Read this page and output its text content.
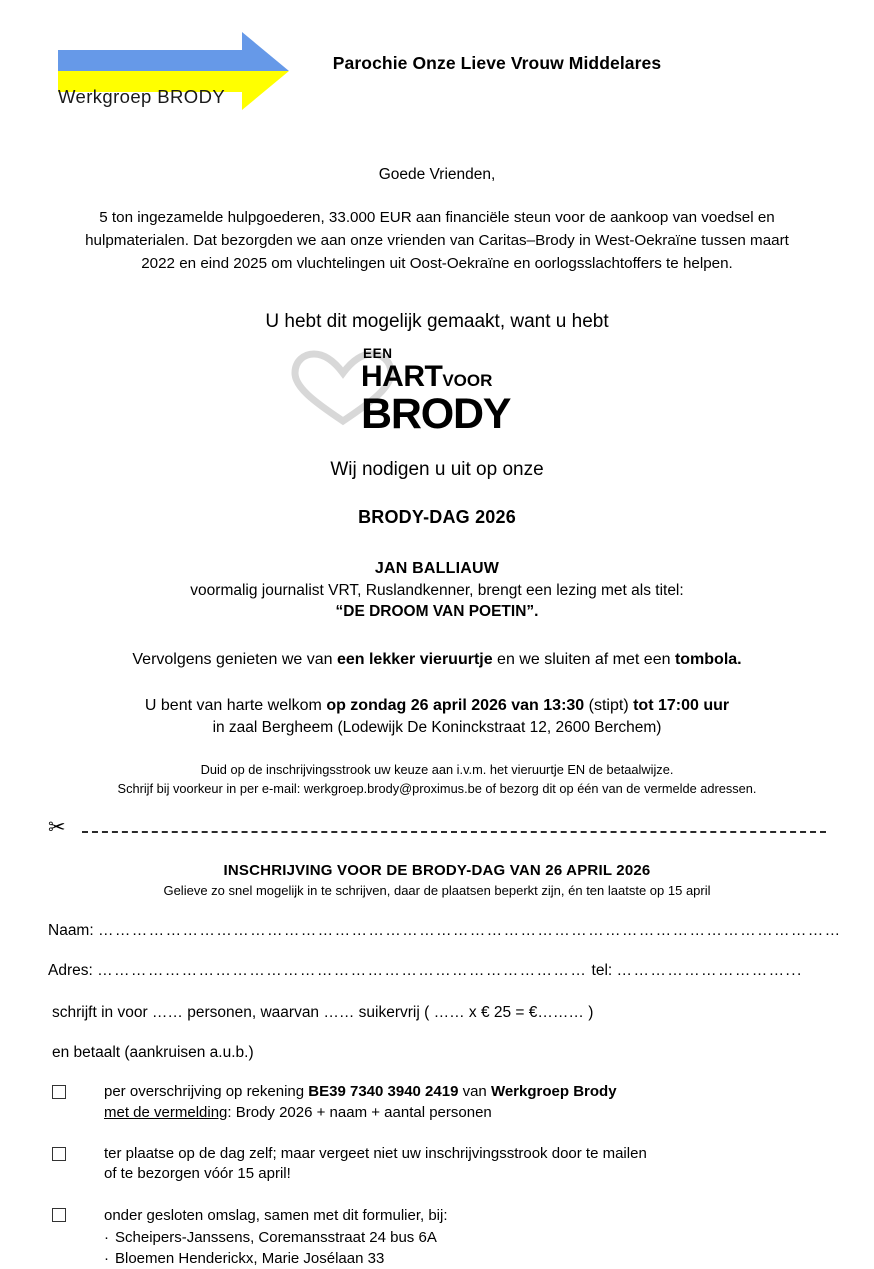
Werkgroep BRODY
Parochie Onze Lieve Vrouw Middelares
Goede Vrienden,
5 ton ingezamelde hulpgoederen, 33.000 EUR aan financiële steun voor de aankoop van voedsel en hulpmaterialen. Dat bezorgden we aan onze vrienden van Caritas–Brody in West-Oekraïne tussen maart 2022 en eind 2025 om vluchtelingen uit Oost-Oekraïne en oorlogsslachtoffers te helpen.
U hebt dit mogelijk gemaakt, want u hebt
EEN
HARTVOOR
BRODY
Wij nodigen u uit op onze
BRODY-DAG 2026
JAN BALLIAUW
voormalig journalist VRT, Ruslandkenner, brengt een lezing met als titel:
“DE DROOM VAN POETIN”.
Vervolgens genieten we van een lekker vieruurtje en we sluiten af met een tombola.
U bent van harte welkom op zondag 26 april 2026 van 13:30 (stipt) tot 17:00 uur
in zaal Bergheem (Lodewijk De Koninckstraat 12, 2600 Berchem)
Duid op de inschrijvingsstrook uw keuze aan i.v.m. het vieruurtje EN de betaalwijze.
Schrijf bij voorkeur in per e-mail: werkgroep.brody@proximus.be of bezorg dit op één van de vermelde adressen.
✂
INSCHRIJVING VOOR DE BRODY-DAG VAN 26 APRIL 2026
Gelieve zo snel mogelijk in te schrijven, daar de plaatsen beperkt zijn, én ten laatste op 15 april
Naam: ……………………………………………………………………………………………………………………
Adres: …………………………………………………………………………… tel: …………………………...
schrijft in voor …… personen, waarvan …… suikervrij ( …… x € 25 = €……… )
en betaalt (aankruisen a.u.b.)
per overschrijving op rekening BE39 7340 3940 2419 van Werkgroep Brody
met de vermelding: Brody 2026 + naam + aantal personen
ter plaatse op de dag zelf; maar vergeet niet uw inschrijvingsstrook door te mailen
of te bezorgen vóór 15 april!
onder gesloten omslag, samen met dit formulier, bij:
· Scheipers-Janssens, Coremansstraat 24 bus 6A
· Bloemen Henderickx, Marie Josélaan 33
